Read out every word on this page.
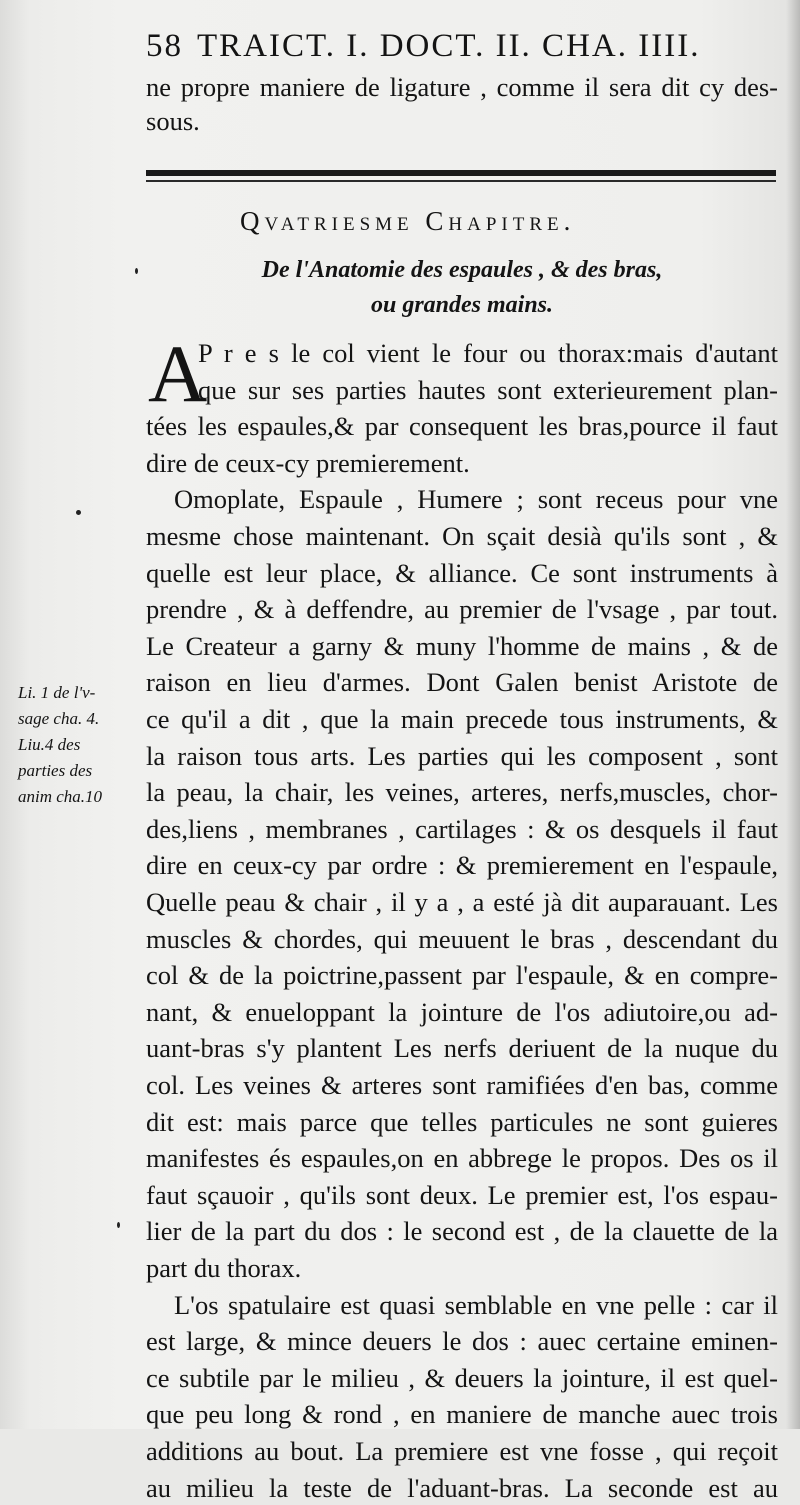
58 TRAICT. I. DOCT. II. CHA. IIII.
ne propre maniere de ligature , comme il sera dit cy des-
sous.
Qvatriesme Chapitre.
De l'Anatomie des espaules , & des bras,
ou grandes mains.
A
P r e s le col vient le four ou thorax:mais d'autant
que sur ses parties hautes sont exterieurement plan-
tées les espaules,& par consequent les bras,pource il faut
dire de ceux-cy premierement.
Omoplate, Espaule , Humere ; sont receus pour vne
mesme chose maintenant. On sçait desià qu'ils sont , &
quelle est leur place, & alliance. Ce sont instruments à
prendre , & à deffendre, au premier de l'vsage , par tout.
Le Createur a garny & muny l'homme de mains , & de
raison en lieu d'armes. Dont Galen benist Aristote de
ce qu'il a dit , que la main precede tous instruments, &
la raison tous arts. Les parties qui les composent , sont
la peau, la chair, les veines, arteres, nerfs,muscles, chor-
des,liens , membranes , cartilages : & os desquels il faut
dire en ceux-cy par ordre : & premierement en l'espaule,
Quelle peau & chair , il y a , a esté jà dit auparauant. Les
muscles & chordes, qui meuuent le bras , descendant du
col & de la poictrine,passent par l'espaule, & en compre-
nant, & enueloppant la jointure de l'os adiutoire,ou ad-
uant-bras s'y plantent Les nerfs deriuent de la nuque du
col. Les veines & arteres sont ramifiées d'en bas, comme
dit est: mais parce que telles particules ne sont guieres
manifestes és espaules,on en abbrege le propos. Des os il
faut sçauoir , qu'ils sont deux. Le premier est, l'os espau-
lier de la part du dos : le second est , de la clauette de la
part du thorax.
L'os spatulaire est quasi semblable en vne pelle : car il
est large, & mince deuers le dos : auec certaine eminen-
ce subtile par le milieu , & deuers la jointure, il est quel-
que peu long & rond , en maniere de manche auec trois
additions au bout. La premiere est vne fosse , qui reçoit
au milieu la teste de l'aduant-bras. La seconde est au
Li. 1 de l'v-
sage cha. 4.
Liu.4 des
parties des
anim cha.10
